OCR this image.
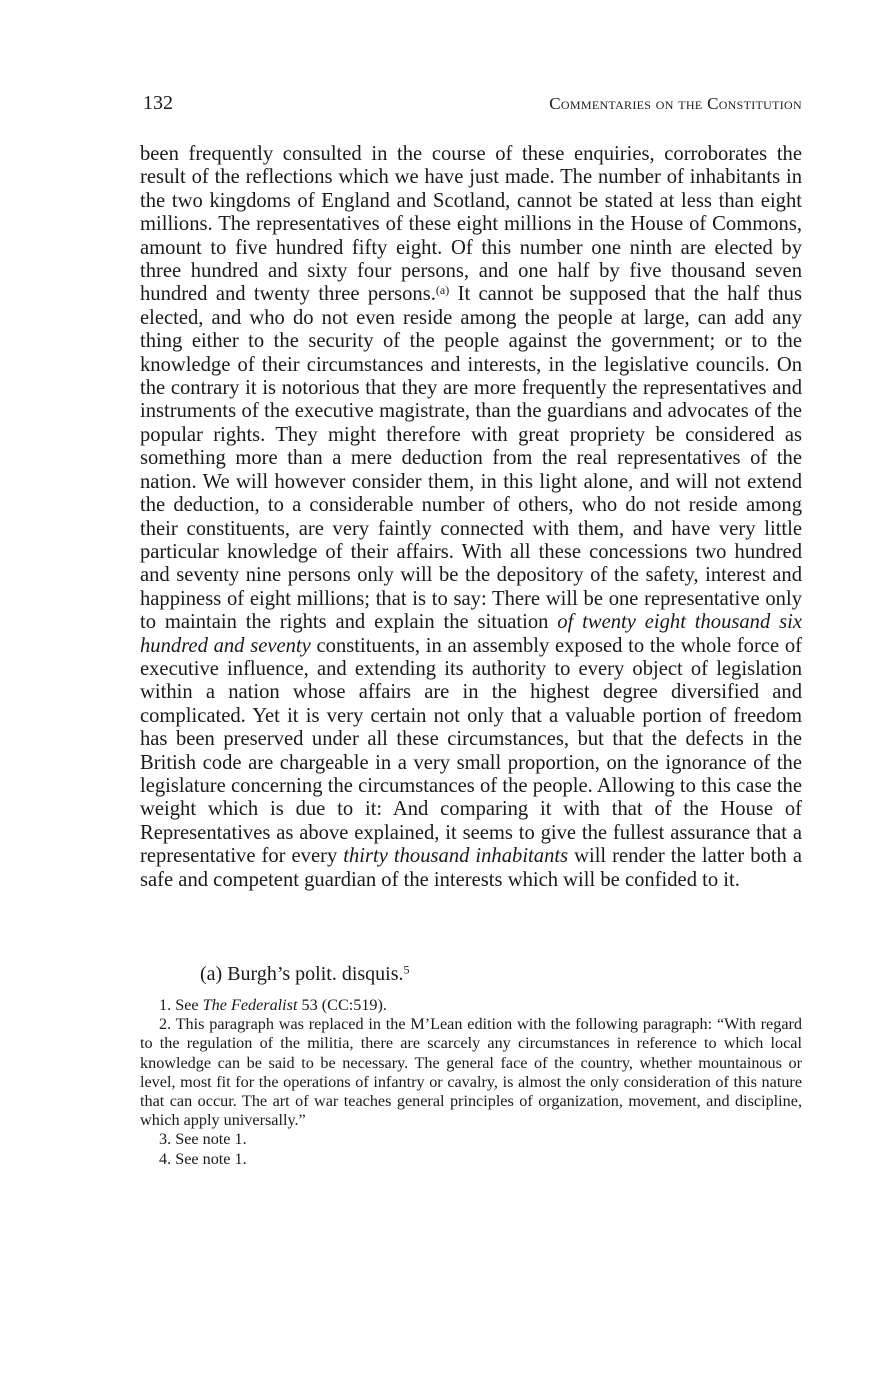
132	Commentaries on the Constitution

been frequently consulted in the course of these enquiries, corroborates the result of the reflections which we have just made. The number of inhabitants in the two kingdoms of England and Scotland, cannot be stated at less than eight millions. The representatives of these eight millions in the House of Commons, amount to five hundred fifty eight. Of this number one ninth are elected by three hundred and sixty four persons, and one half by five thousand seven hundred and twenty three persons.$^{(a)}$ It cannot be supposed that the half thus elected, and who do not even reside among the people at large, can add any thing either to the security of the people against the government; or to the knowledge of their circumstances and interests, in the legislative councils. On the contrary it is notorious that they are more frequently the representatives and instruments of the executive magistrate, than the guardians and advocates of the popular rights. They might therefore with great propriety be considered as something more than a mere deduction from the real representatives of the nation. We will however consider them, in this light alone, and will not extend the deduction, to a considerable number of others, who do not reside among their constituents, are very faintly connected with them, and have very little particular knowledge of their affairs. With all these concessions two hundred and seventy nine persons only will be the depository of the safety, interest and happiness of eight millions; that is to say: There will be one representative only to maintain the rights and explain the situation of twenty eight thousand six hundred and seventy constituents, in an assembly exposed to the whole force of executive influence, and extending its authority to every object of legislation within a nation whose affairs are in the highest degree diversified and complicated. Yet it is very certain not only that a valuable portion of freedom has been preserved under all these circumstances, but that the defects in the British code are chargeable in a very small proportion, on the ignorance of the legislature concerning the circumstances of the people. Allowing to this case the weight which is due to it: And comparing it with that of the House of Representatives as above explained, it seems to give the fullest assurance that a representative for every thirty thousand inhabitants will render the latter both a safe and competent guardian of the interests which will be confided to it.

(a) Burgh’s polit. disquis.$^5$

1. See The Federalist 53 (CC:519).

2. This paragraph was replaced in the M’Lean edition with the following paragraph: “With regard to the regulation of the militia, there are scarcely any circumstances in reference to which local knowledge can be said to be necessary. The general face of the country, whether mountainous or level, most fit for the operations of infantry or cavalry, is almost the only consideration of this nature that can occur. The art of war teaches general principles of organization, movement, and discipline, which apply universally.”

3. See note 1.

4. See note 1.
